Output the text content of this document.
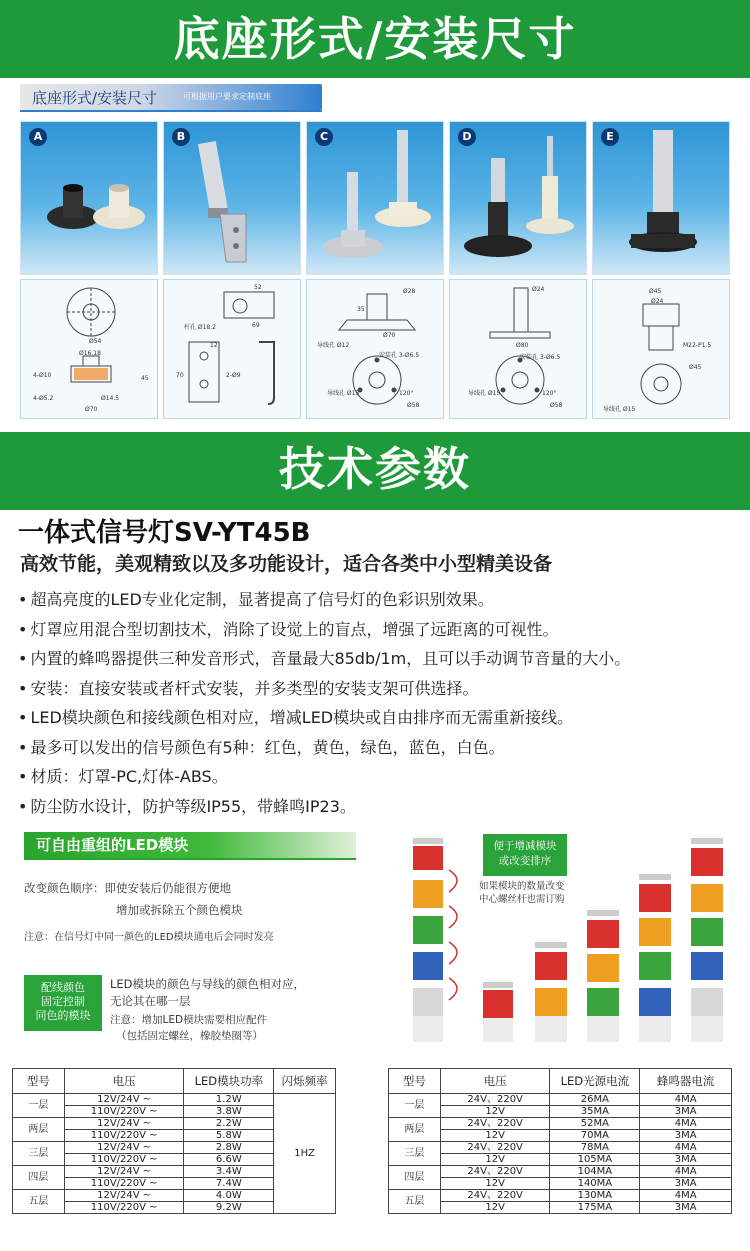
底座形式/安装尺寸
底座形式/安装尺寸	可根据用户要求定制底座
A	B	C	D	E
Ø54
4-Ø10
Ø16.18
Ø14.5
4-Ø5.2
Ø70
45
52
杆孔 Ø18.2	69
2-Ø9
70
12
Ø28
35
Ø70
导线孔 Ø12
安装孔 3-Ø6.5
120°
导线孔 Ø15
Ø58
Ø24
Ø80
安装孔 3-Ø6.5
120°
导线孔 Ø15
Ø58
Ø45
Ø24
M22-P1.5
Ø45
导线孔 Ø15
技术参数
一体式信号灯SV-YT45B
高效节能，美观精致以及多功能设计，适合各类中小型精美设备
• 超高亮度的LED专业化定制，显著提高了信号灯的色彩识别效果。
• 灯罩应用混合型切割技术，消除了设觉上的盲点，增强了远距离的可视性。
• 内置的蜂鸣器提供三种发音形式，音量最大85db/1m，且可以手动调节音量的大小。
• 安装：直接安装或者杆式安装，并多类型的安装支架可供选择。
• LED模块颜色和接线颜色相对应，增减LED模块或自由排序而无需重新接线。
• 最多可以发出的信号颜色有5种：红色，黄色，绿色，蓝色，白色。
• 材质：灯罩-PC,灯体-ABS。
• 防尘防水设计，防护等级IP55，带蜂鸣IP23。
可自由重组的LED模块
改变颜色顺序：即使安装后仍能很方便地
增加或拆除五个颜色模块
注意：在信号灯中同一颜色的LED模块通电后会同时发亮
配线颜色
固定控制
同色的模块
LED模块的颜色与导线的颜色相对应，
无论其在哪一层
注意：增加LED模块需要相应配件
（包括固定螺丝，橡胶垫圈等）
便于增减模块
或改变排序
如果模块的数量改变
中心螺丝杆也需订购
型号	电压	LED模块功率	闪烁频率
一层	12V/24V ~	1.2W	1HZ
	110V/220V ~	3.8W	
两层	12V/24V ~	2.2W	
	110V/220V ~	5.8W	
三层	12V/24V ~	2.8W	
	110V/220V ~	6.6W	
四层	12V/24V ~	3.4W	
	110V/220V ~	7.4W	
五层	12V/24V ~	4.0W	
	110V/220V ~	9.2W	
型号	电压	LED光源电流	蜂鸣器电流
一层	24V、220V	26MA	4MA
	12V	35MA	3MA
两层	24V、220V	52MA	4MA
	12V	70MA	3MA
三层	24V、220V	78MA	4MA
	12V	105MA	3MA
四层	24V、220V	104MA	4MA
	12V	140MA	3MA
五层	24V、220V	130MA	4MA
	12V	175MA	3MA
